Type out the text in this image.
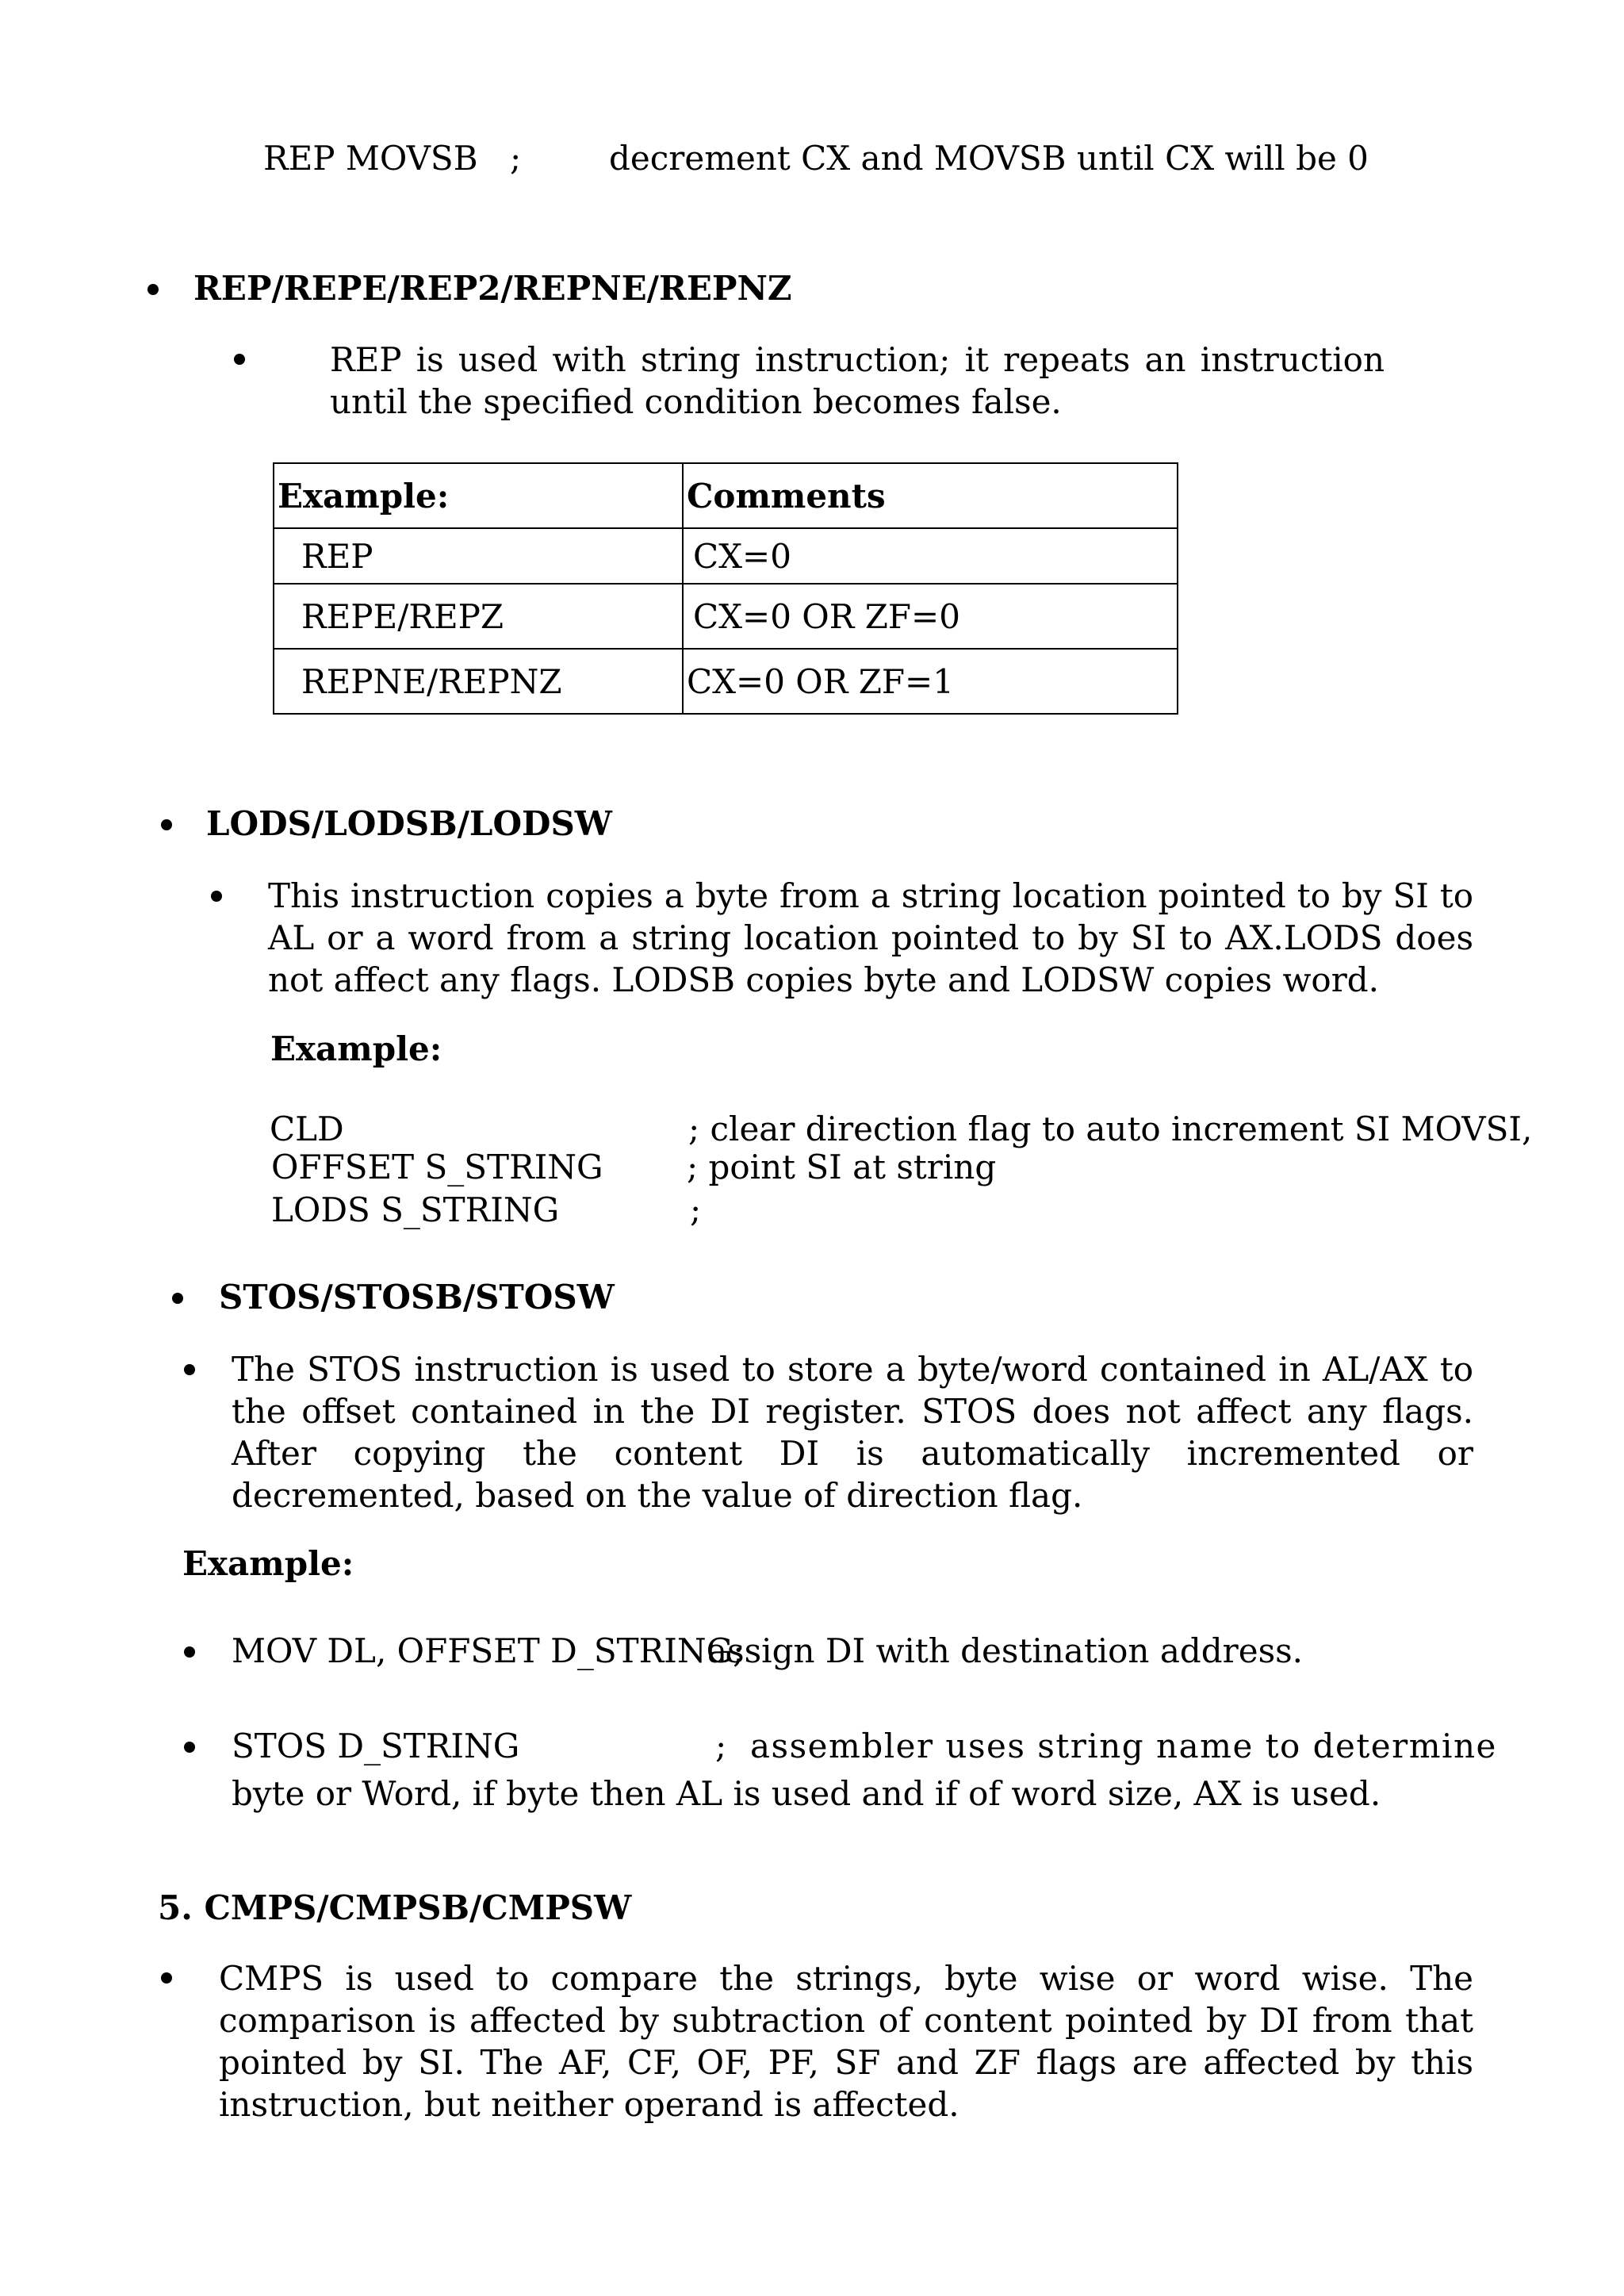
REP MOVSB ;	decrement CX and MOVSB until CX will be 0
REP/REPE/REP2/REPNE/REPNZ
REP is used with string instruction; it repeats an instruction until the specified condition becomes false.
Example:	Comments
REP	CX=0
REPE/REPZ	CX=0 OR ZF=0
REPNE/REPNZ	CX=0 OR ZF=1
LODS/LODSB/LODSW
This instruction copies a byte from a string location pointed to by SI to AL or a word from a string location pointed to by SI to AX.LODS does not affect any flags. LODSB copies byte and LODSW copies word.
Example:
CLD	; clear direction flag to auto increment SI MOVSI,
OFFSET S_STRING	; point SI at string
LODS S_STRING	;
STOS/STOSB/STOSW
The STOS instruction is used to store a byte/word contained in AL/AX to the offset contained in the DI register. STOS does not affect any flags. After copying the content DI is automatically incremented or decremented, based on the value of direction flag.
Example:
MOV DL, OFFSET D_STRING;
assign DI with destination address.
STOS D_STRING	; assembler uses string name to determine
byte or Word, if byte then AL is used and if of word size, AX is used.
5. CMPS/CMPSB/CMPSW
CMPS is used to compare the strings, byte wise or word wise. The comparison is affected by subtraction of content pointed by DI from that pointed by SI. The AF, CF, OF, PF, SF and ZF flags are affected by this instruction, but neither operand is affected.
